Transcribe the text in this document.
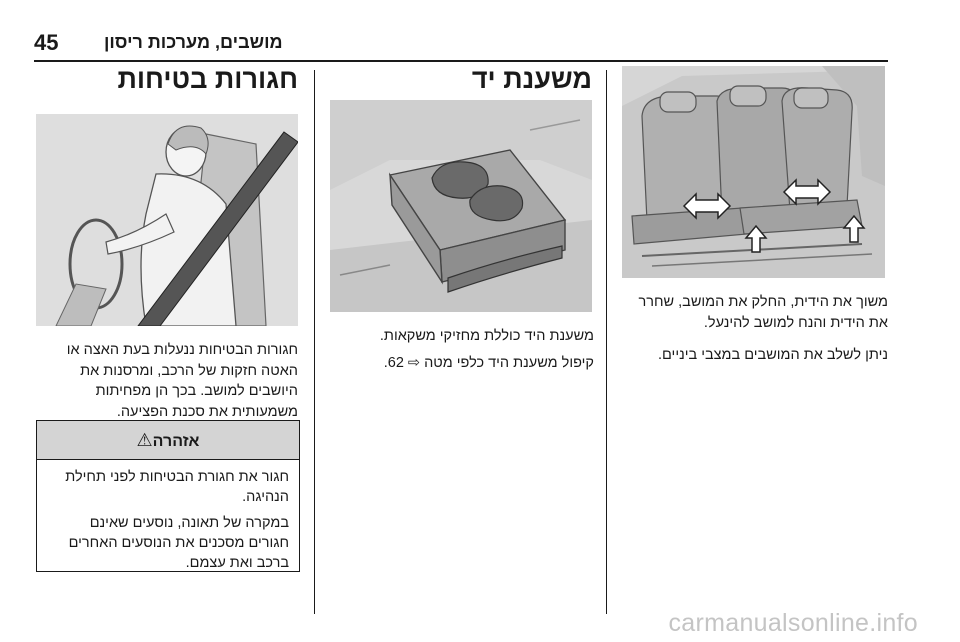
45	מושבים, מערכות ריסון
משוך את הידית, החלק את המושב, שחרר
את הידית והנח למושב להינעל.
ניתן לשלב את המושבים במצבי ביניים.
משענת יד
משענת היד כוללת מחזיקי משקאות.
קיפול משענת היד כלפי מטה ⇨ 62.
חגורות בטיחות
חגורות הבטיחות ננעלות בעת האצה או
האטה חזקות של הרכב, ומרסנות את
היושבים למושב. בכך הן מפחיתות
משמעותית את סכנת הפציעה.
אזהרה⚠
חגור את חגורת הבטיחות לפני תחילת
הנהיגה.
במקרה של תאונה, נוסעים שאינם
חגורים מסכנים את הנוסעים האחרים
ברכב ואת עצמם.
carmanualsonline.info
